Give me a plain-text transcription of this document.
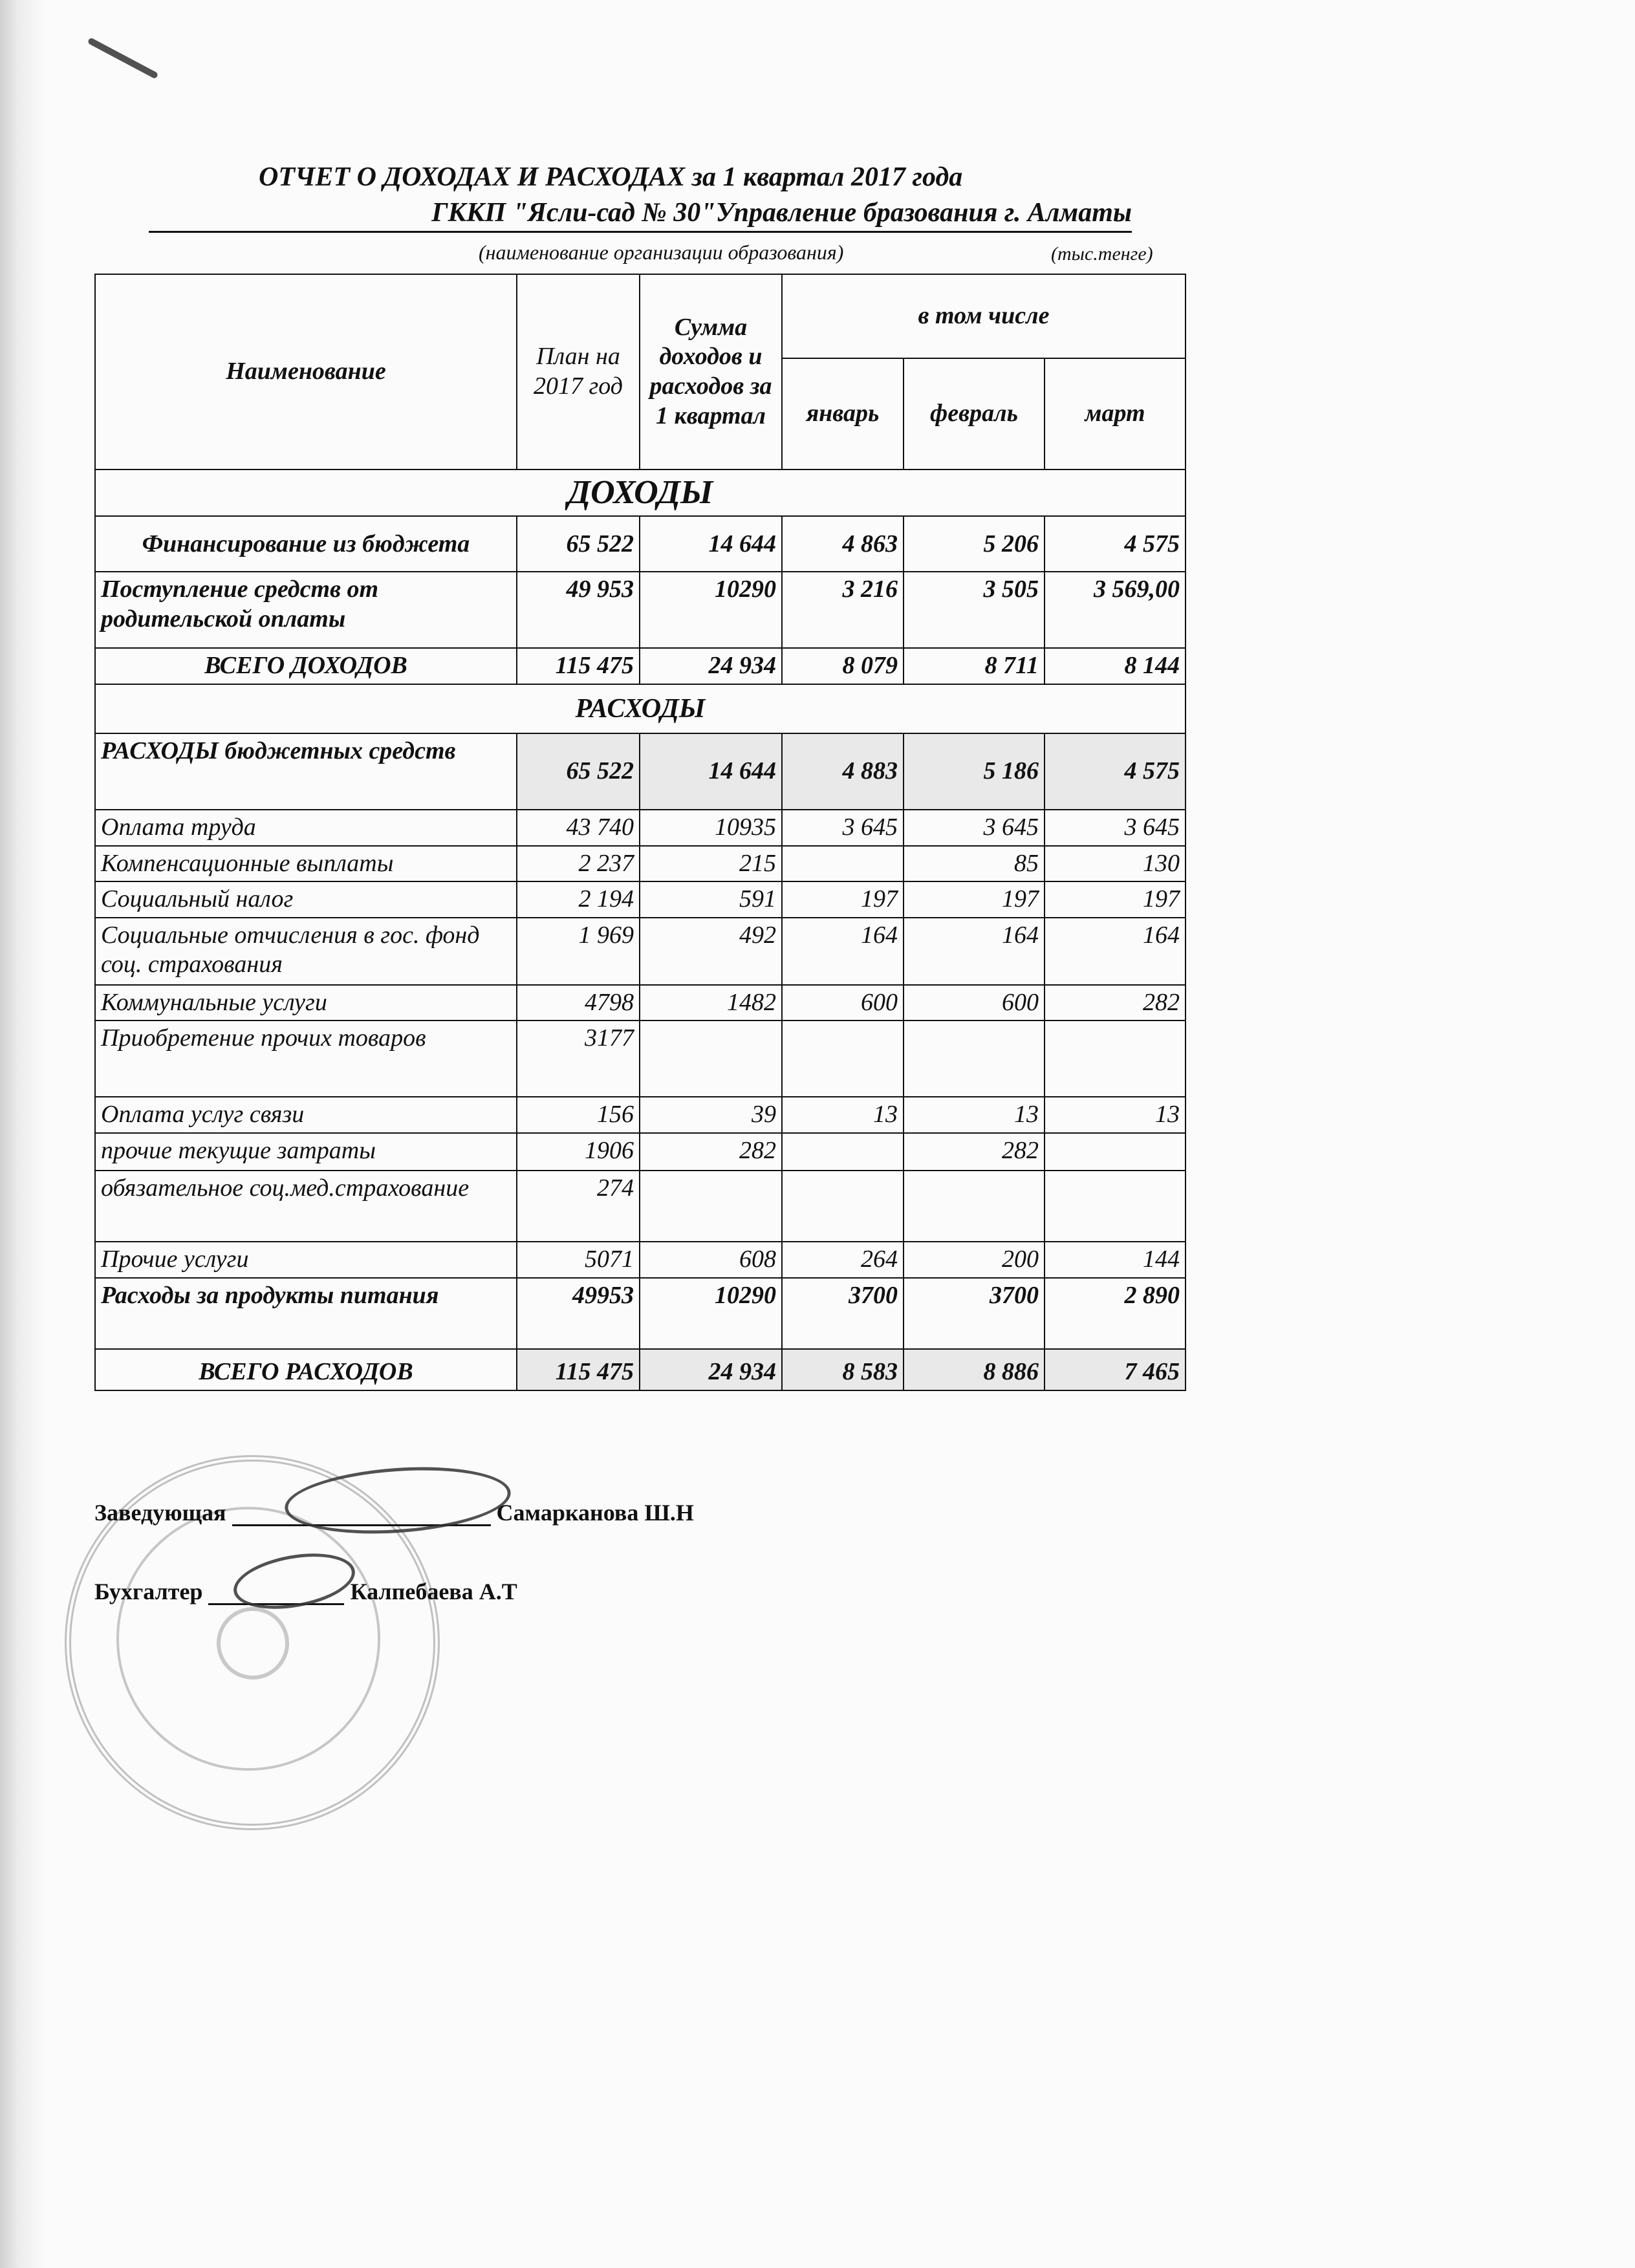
ОТЧЕТ О ДОХОДАХ И РАСХОДАХ за 1 квартал 2017 года
ГККП "Ясли-сад № 30"Управление бразования г. Алматы
(наименование организации образования)	(тыс.тенге)
Наименование	План на 2017 год	Сумма доходов и расходов за 1 квартал	в том числе		
			январь	февраль	март
ДОХОДЫ					
Финансирование из бюджета	65 522	14 644	4 863	5 206	4 575
Поступление средств от родительской оплаты	49 953	10290	3 216	3 505	3 569,00
ВСЕГО ДОХОДОВ	115 475	24 934	8 079	8 711	8 144
РАСХОДЫ					
РАСХОДЫ бюджетных средств	65 522	14 644	4 883	5 186	4 575
Оплата труда	43 740	10935	3 645	3 645	3 645
Компенсационные выплаты	2 237	215		85	130
Социальный налог	2 194	591	197	197	197
Социальные отчисления в гос. фонд соц. страхования	1 969	492	164	164	164
Коммунальные услуги	4798	1482	600	600	282
Приобретение прочих товаров	3177				
Оплата услуг связи	156	39	13	13	13
прочие текущие затраты	1906	282		282	
обязательное соц.мед.страхование	274				
Прочие услуги	5071	608	264	200	144
Расходы за продукты питания	49953	10290	3700	3700	2 890
ВСЕГО РАСХОДОВ	115 475	24 934	8 583	8 886	7 465
Заведующая	Самарканова Ш.Н
Бухгалтер	Калпебаева А.Т
